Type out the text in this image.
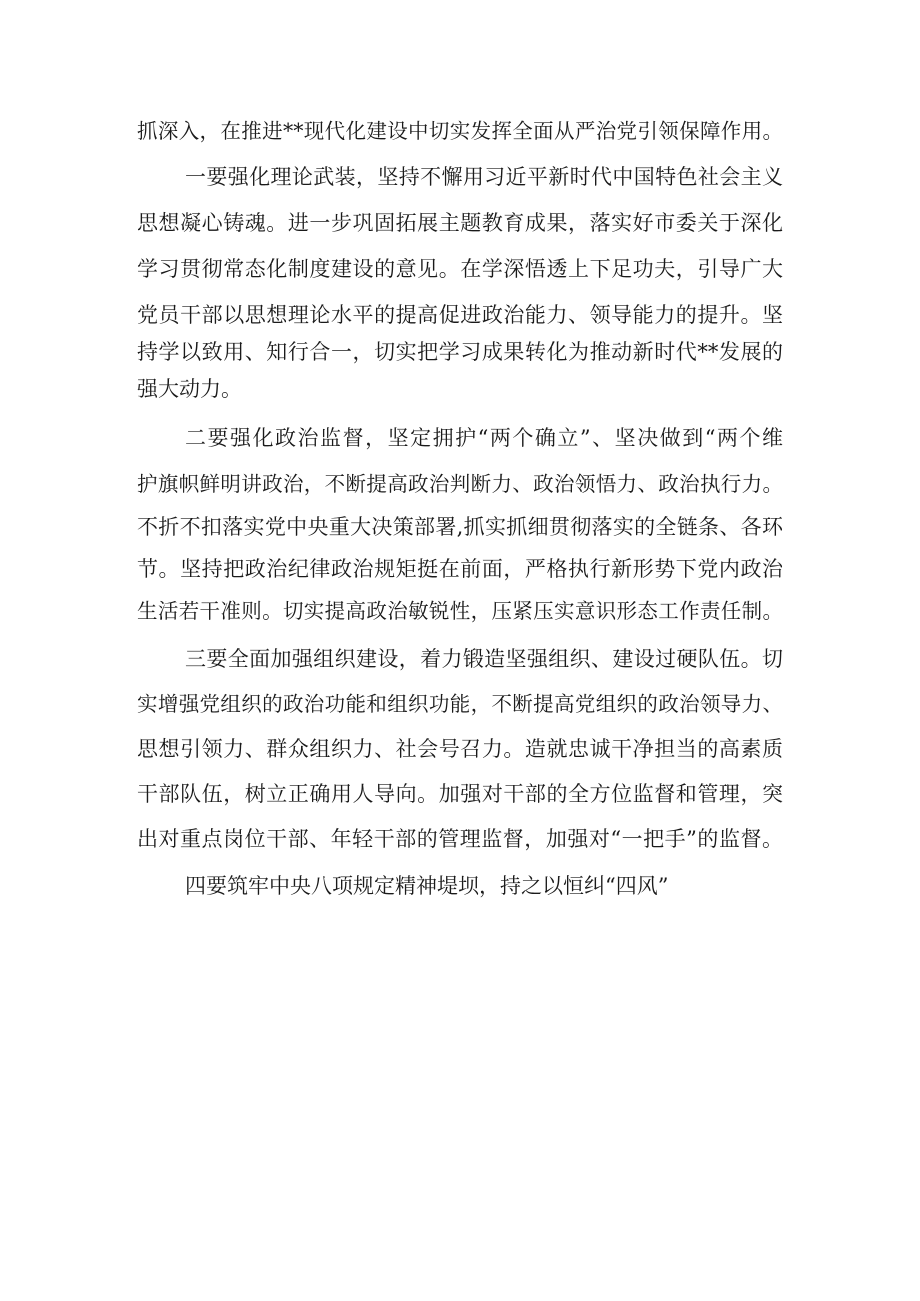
抓深入，在推进**现代化建设中切实发挥全面从严治党引领保障作用。
一要强化理论武装，坚持不懈用习近平新时代中国特色社会主义
思想凝心铸魂。进一步巩固拓展主题教育成果，落实好市委关于深化
学习贯彻常态化制度建设的意见。在学深悟透上下足功夫，引导广大
党员干部以思想理论水平的提高促进政治能力、领导能力的提升。坚
持学以致用、知行合一，切实把学习成果转化为推动新时代**发展的
强大动力。
二要强化政治监督，坚定拥护“两个确立”、坚决做到“两个维
护旗帜鲜明讲政治，不断提高政治判断力、政治领悟力、政治执行力。
不折不扣落实党中央重大决策部署,抓实抓细贯彻落实的全链条、各环
节。坚持把政治纪律政治规矩挺在前面，严格执行新形势下党内政治
生活若干准则。切实提高政治敏锐性，压紧压实意识形态工作责任制。
三要全面加强组织建设，着力锻造坚强组织、建设过硬队伍。切
实增强党组织的政治功能和组织功能，不断提高党组织的政治领导力、
思想引领力、群众组织力、社会号召力。造就忠诚干净担当的高素质
干部队伍，树立正确用人导向。加强对干部的全方位监督和管理，突
出对重点岗位干部、年轻干部的管理监督，加强对“一把手”的监督。
四要筑牢中央八项规定精神堤坝，持之以恒纠“四风”
